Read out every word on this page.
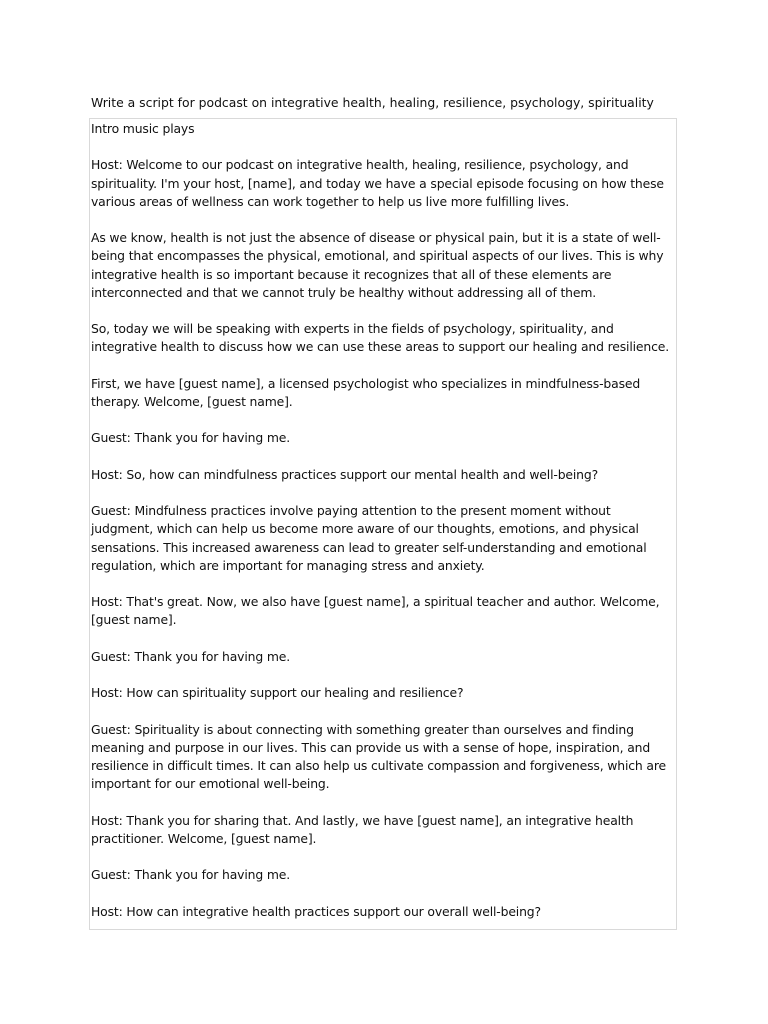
Write a script for podcast on integrative health, healing, resilience, psychology, spirituality

Intro music plays

Host: Welcome to our podcast on integrative health, healing, resilience, psychology, and spirituality. I'm your host, [name], and today we have a special episode focusing on how these various areas of wellness can work together to help us live more fulfilling lives.

As we know, health is not just the absence of disease or physical pain, but it is a state of well-being that encompasses the physical, emotional, and spiritual aspects of our lives. This is why integrative health is so important because it recognizes that all of these elements are interconnected and that we cannot truly be healthy without addressing all of them.

So, today we will be speaking with experts in the fields of psychology, spirituality, and integrative health to discuss how we can use these areas to support our healing and resilience.

First, we have [guest name], a licensed psychologist who specializes in mindfulness-based therapy. Welcome, [guest name].

Guest: Thank you for having me.

Host: So, how can mindfulness practices support our mental health and well-being?

Guest: Mindfulness practices involve paying attention to the present moment without judgment, which can help us become more aware of our thoughts, emotions, and physical sensations. This increased awareness can lead to greater self-understanding and emotional regulation, which are important for managing stress and anxiety.

Host: That's great. Now, we also have [guest name], a spiritual teacher and author. Welcome, [guest name].

Guest: Thank you for having me.

Host: How can spirituality support our healing and resilience?

Guest: Spirituality is about connecting with something greater than ourselves and finding meaning and purpose in our lives. This can provide us with a sense of hope, inspiration, and resilience in difficult times. It can also help us cultivate compassion and forgiveness, which are important for our emotional well-being.

Host: Thank you for sharing that. And lastly, we have [guest name], an integrative health practitioner. Welcome, [guest name].

Guest: Thank you for having me.

Host: How can integrative health practices support our overall well-being?
